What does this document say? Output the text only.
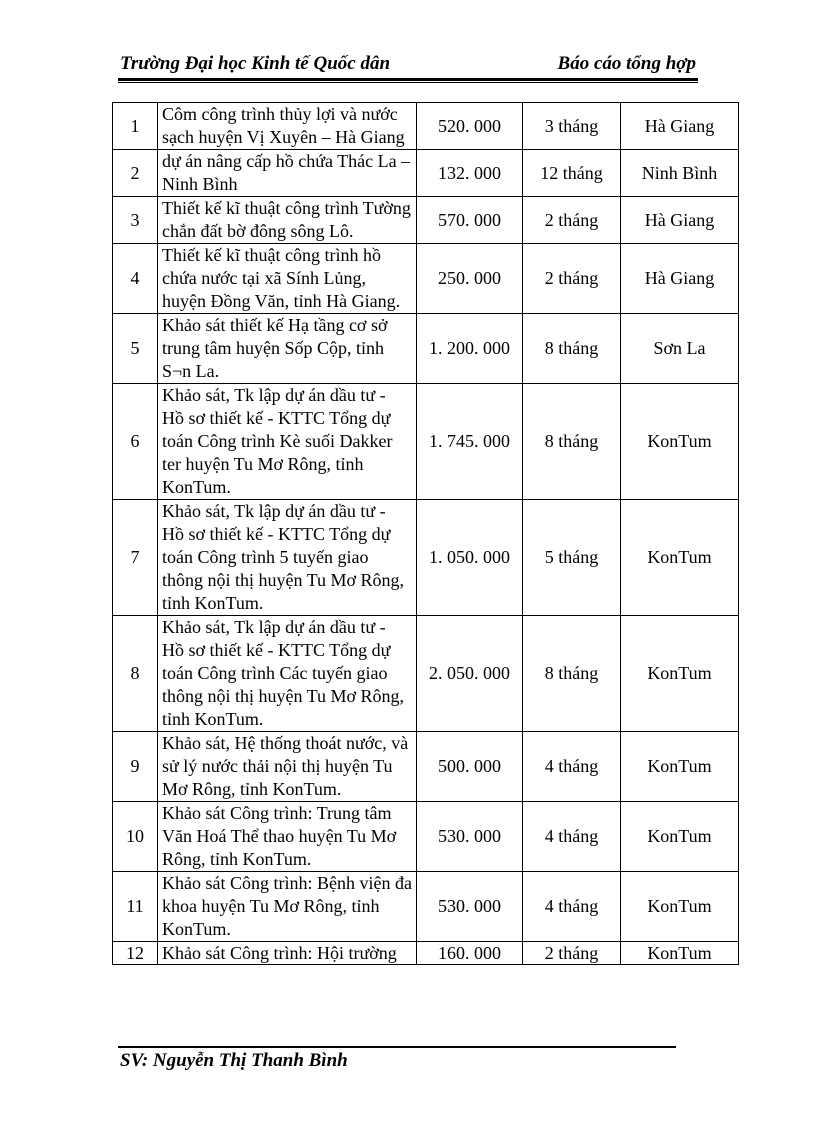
Trường Đại học Kinh tế Quốc dân	Báo cáo tổng hợp
1	Côm công trình thủy lợi và nước sạch huyện Vị Xuyên – Hà Giang	520. 000	3 tháng	Hà Giang

2	dự án nâng cấp hồ chứa Thác La – Ninh Bình	132. 000	12 tháng	Ninh Bình

3	Thiết kế kĩ thuật công trình Tường chắn đất bờ đông sông Lô.	570. 000	2 tháng	Hà Giang

4	Thiết kế kĩ thuật công trình hồ chứa nước tại xã Sính Lủng, huyện Đồng Văn, tỉnh Hà Giang.	250. 000	2 tháng	Hà Giang

5	Khảo sát thiết kế Hạ tầng cơ sở trung tâm huyện Sốp Cộp, tỉnh S¬n La.	1. 200. 000	8 tháng	Sơn La

6	Khảo sát, Tk lập dự án dầu tư - Hồ sơ thiết kế - KTTC Tổng dự toán Công trình Kè suối Dakker ter huyện Tu Mơ Rông, tỉnh KonTum.	1. 745. 000	8 tháng	KonTum

7	Khảo sát, Tk lập dự án dầu tư - Hồ sơ thiết kế - KTTC Tổng dự toán Công trình 5 tuyến giao thông nội thị huyện Tu Mơ Rông, tỉnh KonTum.	1. 050. 000	5 tháng	KonTum

8	Khảo sát, Tk lập dự án dầu tư - Hồ sơ thiết kế - KTTC Tổng dự toán Công trình Các tuyến giao thông nội thị huyện Tu Mơ Rông, tỉnh KonTum.	2. 050. 000	8 tháng	KonTum

9	Khảo sát, Hệ thống thoát nước, và sử lý nước thải nội thị huyện Tu Mơ Rông, tỉnh KonTum.	500. 000	4 tháng	KonTum

10	Khảo sát Công trình: Trung tâm Văn Hoá Thể thao huyện Tu Mơ Rông, tỉnh KonTum.	530. 000	4 tháng	KonTum

11	Khảo sát Công trình: Bệnh viện đa khoa huyện Tu Mơ Rông, tỉnh KonTum.	530. 000	4 tháng	KonTum

12	Khảo sát Công trình: Hội trường	160. 000	2 tháng	KonTum
SV: Nguyễn Thị Thanh Bình
